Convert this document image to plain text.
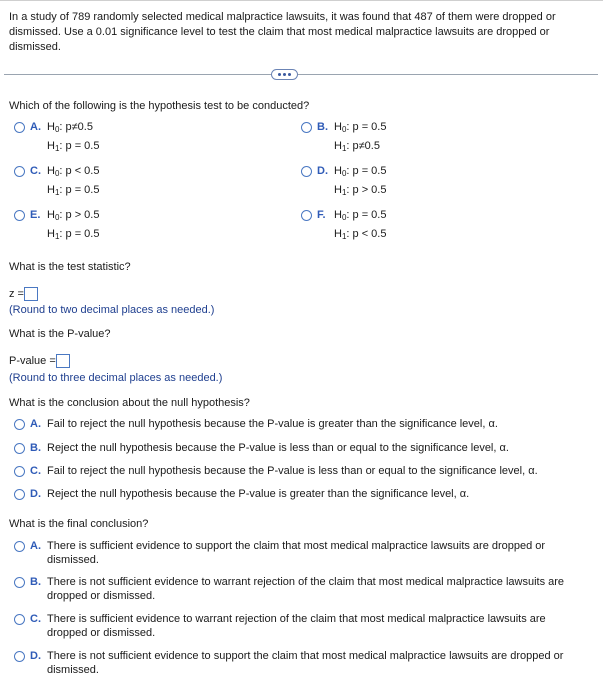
In a study of 789 randomly selected medical malpractice lawsuits, it was found that 487 of them were dropped or dismissed. Use a 0.01 significance level to test the claim that most medical malpractice lawsuits are dropped or dismissed.
Which of the following is the hypothesis test to be conducted?
A. $H_0$: p≠0.5
$H_1$: p = 0.5
B. $H_0$: p = 0.5
$H_1$: p≠0.5
C. $H_0$: p < 0.5
$H_1$: p = 0.5
D. $H_0$: p = 0.5
$H_1$: p > 0.5
E. $H_0$: p > 0.5
$H_1$: p = 0.5
F. $H_0$: p = 0.5
$H_1$: p < 0.5
What is the test statistic?
z =
(Round to two decimal places as needed.)
What is the P-value?
P-value =
(Round to three decimal places as needed.)
What is the conclusion about the null hypothesis?
A. Fail to reject the null hypothesis because the P-value is greater than the significance level, α.
B. Reject the null hypothesis because the P-value is less than or equal to the significance level, α.
C. Fail to reject the null hypothesis because the P-value is less than or equal to the significance level, α.
D. Reject the null hypothesis because the P-value is greater than the significance level, α.
What is the final conclusion?
A. There is sufficient evidence to support the claim that most medical malpractice lawsuits are dropped or
dismissed.
B. There is not sufficient evidence to warrant rejection of the claim that most medical malpractice lawsuits are
dropped or dismissed.
C. There is sufficient evidence to warrant rejection of the claim that most medical malpractice lawsuits are
dropped or dismissed.
D. There is not sufficient evidence to support the claim that most medical malpractice lawsuits are dropped or
dismissed.
